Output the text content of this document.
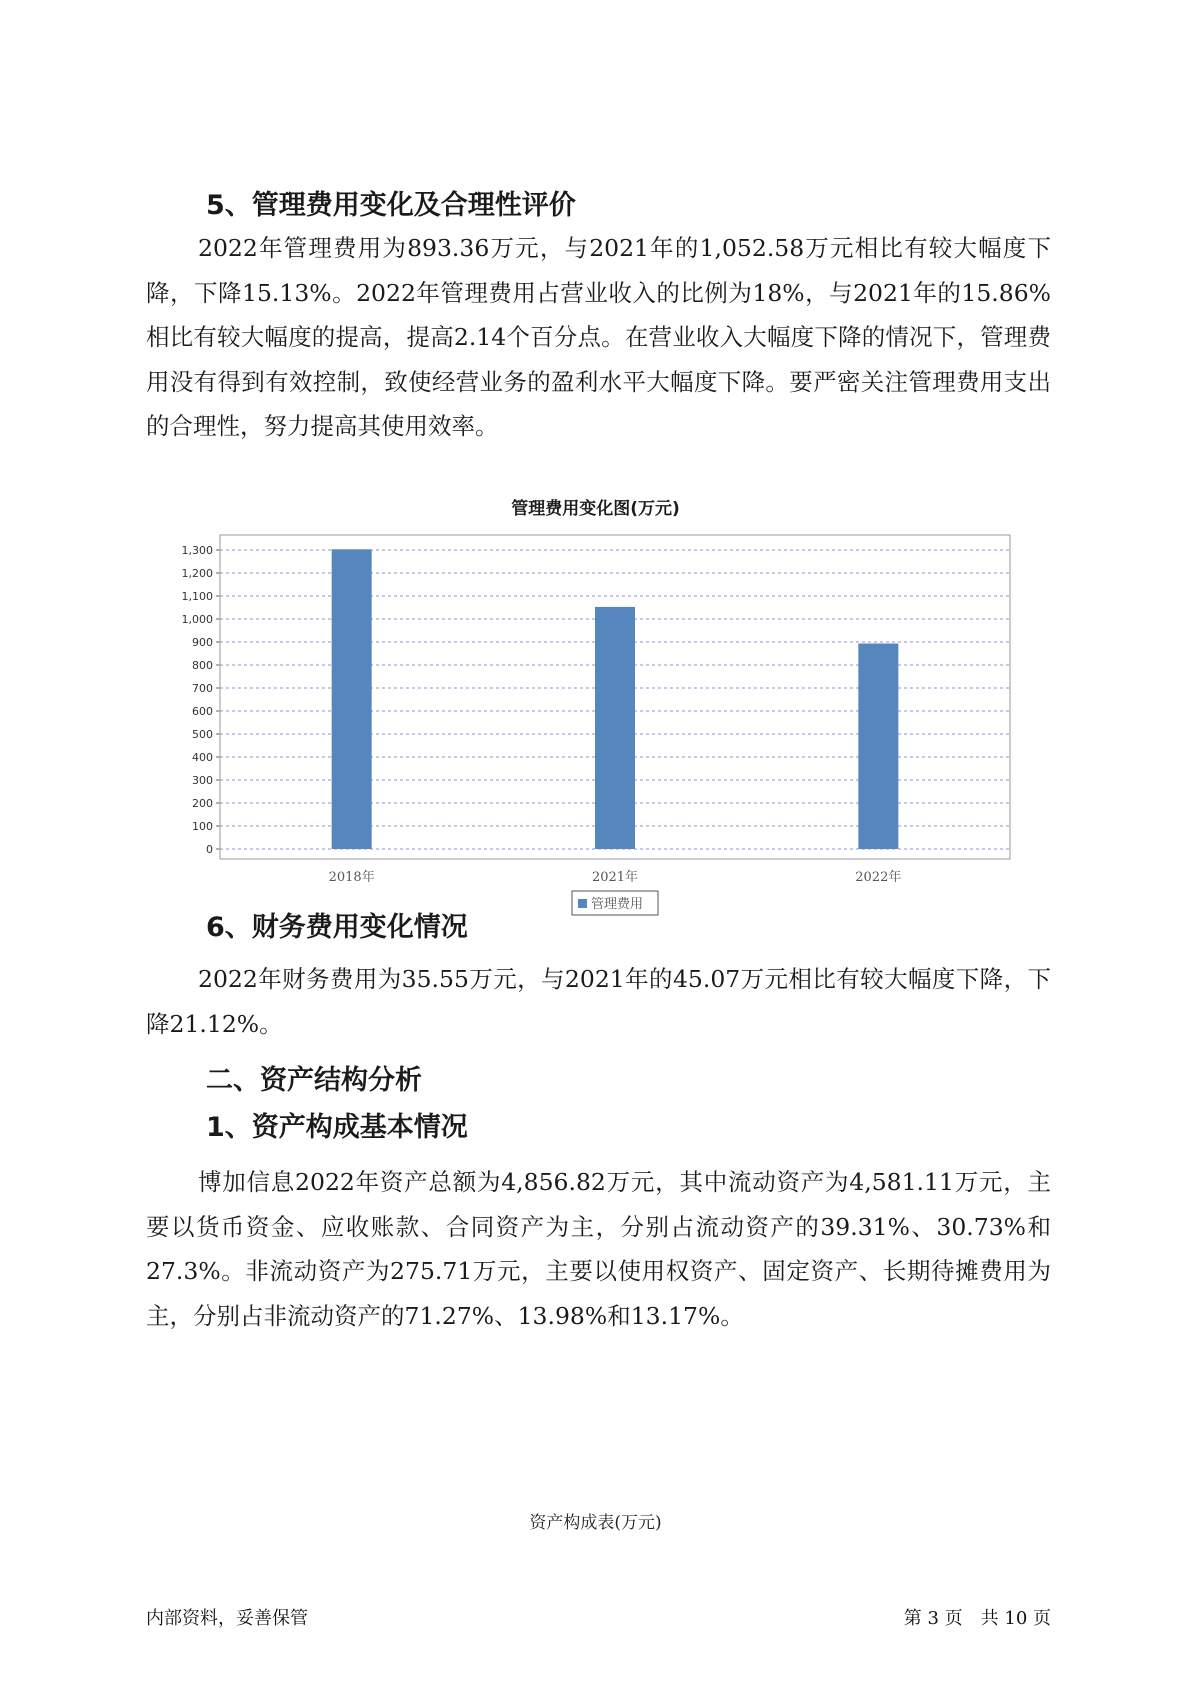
5、管理费用变化及合理性评价

2022年管理费用为893.36万元，与2021年的1,052.58万元相比有较大幅度下降，下降15.13%。2022年管理费用占营业收入的比例为18%，与2021年的15.86%相比有较大幅度的提高，提高2.14个百分点。在营业收入大幅度下降的情况下，管理费用没有得到有效控制，致使经营业务的盈利水平大幅度下降。要严密关注管理费用支出的合理性，努力提高其使用效率。

管理费用变化图(万元)

0
100
200
300
400
500
600
700
800
900
1,000
1,100
1,200
1,300
2018年	2021年	2022年
管理费用
6、财务费用变化情况

2022年财务费用为35.55万元，与2021年的45.07万元相比有较大幅度下降，下降21.12%。

二、资产结构分析
1、资产构成基本情况

博加信息2022年资产总额为4,856.82万元，其中流动资产为4,581.11万元，主要以货币资金、应收账款、合同资产为主，分别占流动资产的39.31%、30.73%和27.3%。非流动资产为275.71万元，主要以使用权资产、固定资产、长期待摊费用为主，分别占非流动资产的71.27%、13.98%和13.17%。

资产构成表(万元)

内部资料，妥善保管	第 3 页　共 10 页
